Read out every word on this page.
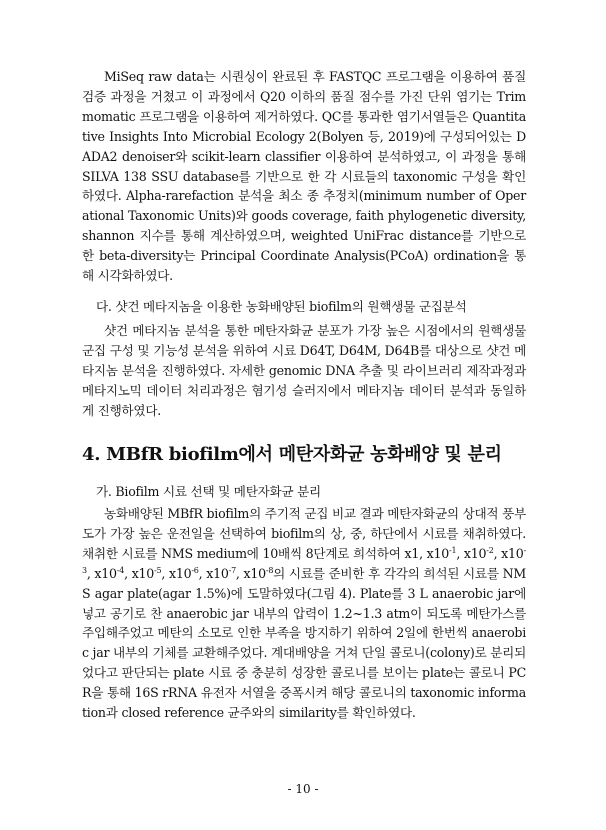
MiSeq raw data는 시퀀싱이 완료된 후 FASTQC 프로그램을 이용하여 품질검증 과정을 거쳤고 이 과정에서 Q20 이하의 품질 점수를 가진 단위 염기는 Trimmomatic 프로그램을 이용하여 제거하였다. QC를 통과한 염기서열들은 Quantitative Insights Into Microbial Ecology 2(Bolyen 등, 2019)에 구성되어있는 DADA2 denoiser와 scikit-learn classifier 이용하여 분석하였고, 이 과정을 통해 SILVA 138 SSU database를 기반으로 한 각 시료들의 taxonomic 구성을 확인하였다. Alpha-rarefaction 분석을 최소 종 추정치(minimum number of Operational Taxonomic Units)와 goods coverage, faith phylogenetic diversity, shannon 지수를 통해 계산하였으며, weighted UniFrac distance를 기반으로 한 beta-diversity는 Principal Coordinate Analysis(PCoA) ordination을 통해 시각화하였다.

다. 샷건 메타지놈을 이용한 농화배양된 biofilm의 원핵생물 군집분석

샷건 메타지놈 분석을 통한 메탄자화균 분포가 가장 높은 시점에서의 원핵생물 군집 구성 및 기능성 분석을 위하여 시료 D64T, D64M, D64B를 대상으로 샷건 메타지놈 분석을 진행하였다. 자세한 genomic DNA 추출 및 라이브러리 제작과정과 메타지노믹 데이터 처리과정은 혐기성 슬러지에서 메타지놈 데이터 분석과 동일하게 진행하였다.

4. MBfR biofilm에서 메탄자화균 농화배양 및 분리

가. Biofilm 시료 선택 및 메탄자화균 분리

농화배양된 MBfR biofilm의 주기적 군집 비교 결과 메탄자화균의 상대적 풍부도가 가장 높은 운전일을 선택하여 biofilm의 상, 중, 하단에서 시료를 채취하였다. 채취한 시료를 NMS medium에 10배씩 8단계로 희석하여 x1, $x10^{-1}$, $x10^{-2}$, $x10^{-3}$, $x10^{-4}$, $x10^{-5}$, $x10^{-6}$, $x10^{-7}$, $x10^{-8}$의 시료를 준비한 후 각각의 희석된 시료를 NMS agar plate(agar 1.5%)에 도말하였다(그림 4). Plate를 3 L anaerobic jar에 넣고 공기로 찬 anaerobic jar 내부의 압력이 1.2~1.3 atm이 되도록 메탄가스를 주입해주었고 메탄의 소모로 인한 부족을 방지하기 위하여 2일에 한번씩 anaerobic jar 내부의 기체를 교환해주었다. 계대배양을 거쳐 단일 콜로니(colony)로 분리되었다고 판단되는 plate 시료 중 충분히 성장한 콜로니를 보이는 plate는 콜로니 PCR을 통해 16S rRNA 유전자 서열을 중폭시켜 해당 콜로니의 taxonomic information과 closed reference 균주와의 similarity를 확인하였다.

- 10 -
